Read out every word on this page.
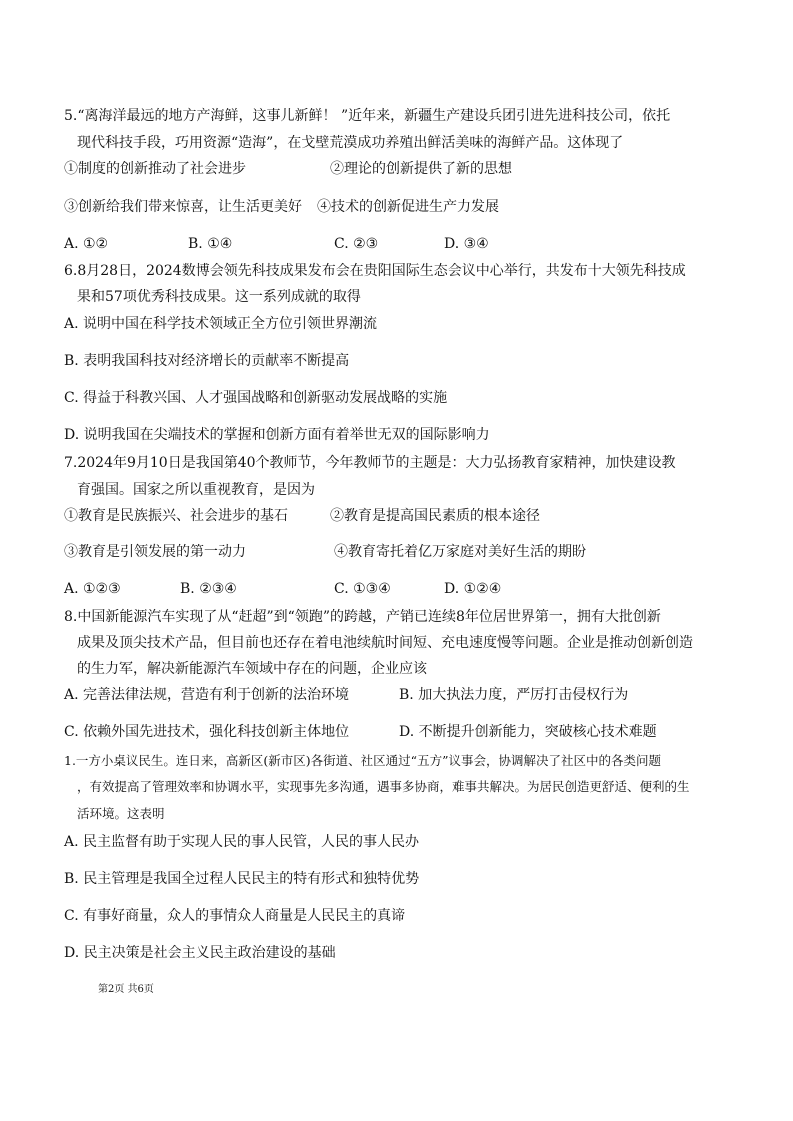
5.“离海洋最远的地方产海鲜，这事儿新鲜！ ”近年来，新疆生产建设兵团引进先进科技公司，依托
现代科技手段，巧用资源“造海”，在戈壁荒漠成功养殖出鲜活美味的海鲜产品。这体现了
①制度的创新推动了社会进步	②理论的创新提供了新的思想
③创新给我们带来惊喜，让生活更美好 ④技术的创新促进生产力发展
A. ①②	B. ①④	C. ②③	D. ③④
6.8月28日，2024数博会领先科技成果发布会在贵阳国际生态会议中心举行，共发布十大领先科技成
果和57项优秀科技成果。这一系列成就的取得
A. 说明中国在科学技术领域正全方位引领世界潮流
B. 表明我国科技对经济增长的贡献率不断提高
C. 得益于科教兴国、人才强国战略和创新驱动发展战略的实施
D. 说明我国在尖端技术的掌握和创新方面有着举世无双的国际影响力
7.2024年9月10日是我国第40个教师节，今年教师节的主题是：大力弘扬教育家精神，加快建设教
育强国。国家之所以重视教育，是因为
①教育是民族振兴、社会进步的基石	②教育是提高国民素质的根本途径
③教育是引领发展的第一动力	④教育寄托着亿万家庭对美好生活的期盼
A. ①②③	B. ②③④	C. ①③④	D. ①②④
8.中国新能源汽车实现了从“赶超”到“领跑”的跨越，产销已连续8年位居世界第一，拥有大批创新
成果及顶尖技术产品，但目前也还存在着电池续航时间短、充电速度慢等问题。企业是推动创新创造
的生力军，解决新能源汽车领域中存在的问题，企业应该
A. 完善法律法规，营造有利于创新的法治环境	B. 加大执法力度，严厉打击侵权行为
C. 依赖外国先进技术，强化科技创新主体地位	D. 不断提升创新能力，突破核心技术难题
1.一方小桌议民生。连日来，高新区(新市区)各街道、社区通过“五方”议事会，协调解决了社区中的各类问题
，有效提高了管理效率和协调水平，实现事先多沟通，遇事多协商，难事共解决。为居民创造更舒适、便利的生
活环境。这表明
A. 民主监督有助于实现人民的事人民管，人民的事人民办
B. 民主管理是我国全过程人民民主的特有形式和独特优势
C. 有事好商量，众人的事情众人商量是人民民主的真谛
D. 民主决策是社会主义民主政治建设的基础
第2页 共6页
